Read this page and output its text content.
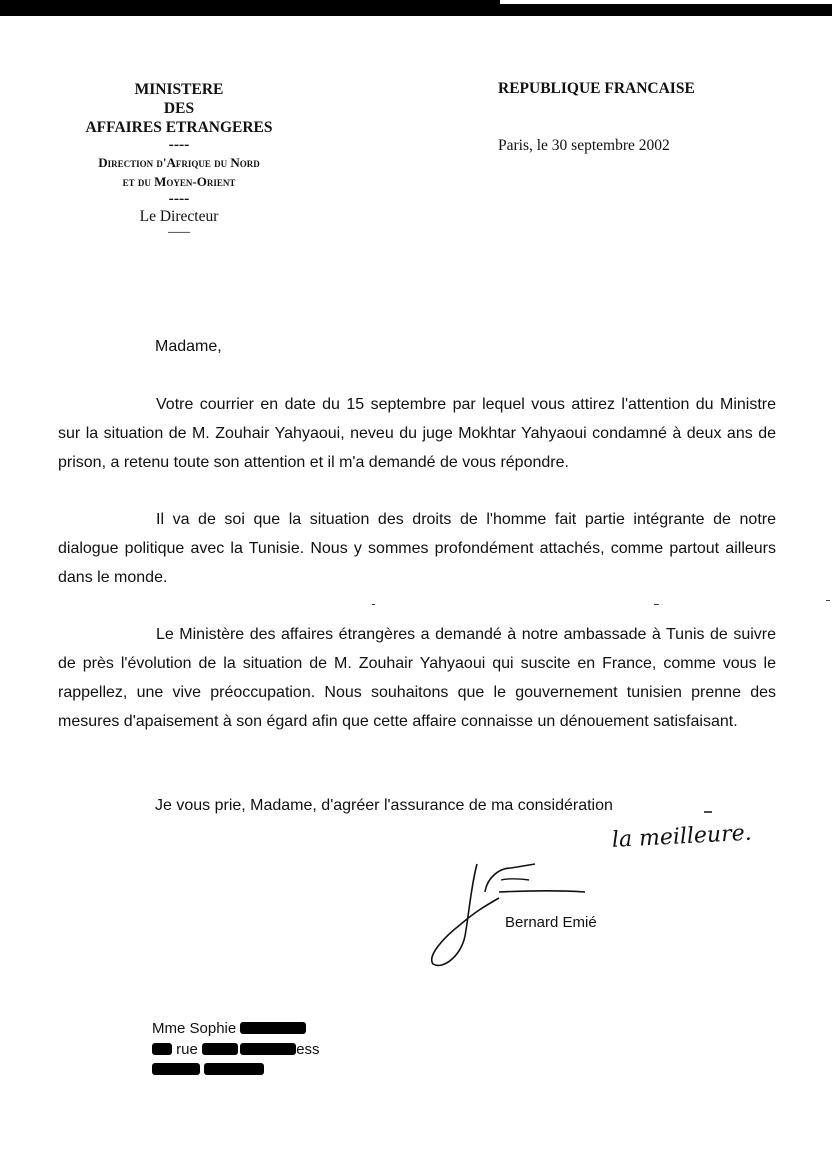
MINISTERE
DES
AFFAIRES ETRANGERES
----
Direction d'Afrique du Nord
et du Moyen-Orient
----
Le Directeur
——
REPUBLIQUE FRANCAISE
Paris, le 30 septembre 2002
Madame,

Votre courrier en date du 15 septembre par lequel vous attirez l'attention du Ministre sur la situation de M. Zouhair Yahyaoui, neveu du juge Mokhtar Yahyaoui condamné à deux ans de prison, a retenu toute son attention et il m'a demandé de vous répondre.

Il va de soi que la situation des droits de l'homme fait partie intégrante de notre dialogue politique avec la Tunisie. Nous y sommes profondément attachés, comme partout ailleurs dans le monde.

Le Ministère des affaires étrangères a demandé à notre ambassade à Tunis de suivre de près l'évolution de la situation de M. Zouhair Yahyaoui qui suscite en France, comme vous le rappellez, une vive préoccupation. Nous souhaitons que le gouvernement tunisien prenne des mesures d'apaisement à son égard afin que cette affaire connaisse un dénouement satisfaisant.

Je vous prie, Madame, d'agréer l'assurance de ma considération
la meilleure.
Bernard Emié
Mme Sophie
rue	ess
